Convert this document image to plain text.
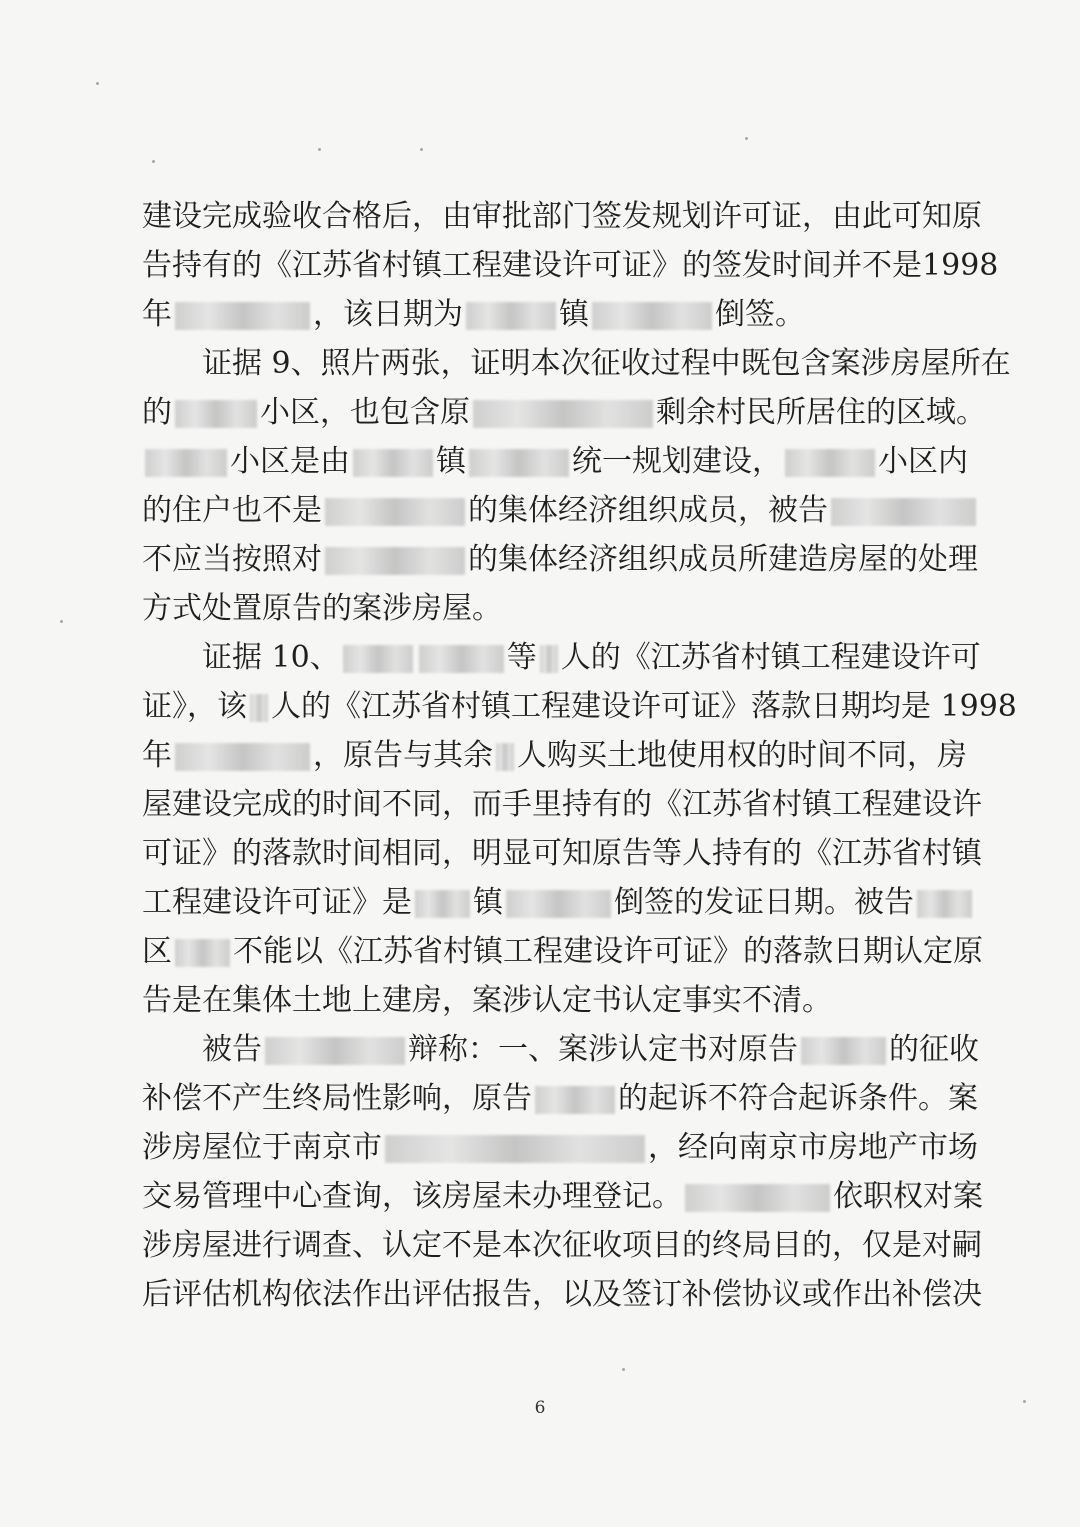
建 设 完 成 验 收 合 格 后 ， 由 审 批 部 门 签 发 规 划 许 可 证 ， 由 此 可 知 原
告 持 有 的 《 江 苏 省 村 镇 工 程 建 设 许 可 证 》 的 签 发 时 间 并 不 是 1 9 9 8
年	，该日期为	镇	倒签。
证据 9、照片两张，证明本次征收过程中既包含案涉房屋所在
的	小区，也包含原	剩余村民所居住的区域。
小区是由	镇	统一规划建设，	小区内
的住户也不是	的集体经济组织成员，被告
不应当按照对	的集体经济组织成员所建造房屋的处理
方式处置原告的案涉房屋。
证据 10、	等 人的《江苏省村镇工程建设许可
证》，该 人的《江苏省村镇工程建设许可证》落款日期均是 1998
年	，原告与其余 人购买土地使用权的时间不同，房
屋 建 设 完 成 的 时 间 不 同 ， 而 手 里 持 有 的 《 江 苏 省 村 镇 工 程 建 设 许
可 证 》 的 落 款 时 间 相 同 ， 明 显 可 知 原 告 等 人 持 有 的 《 江 苏 省 村 镇
工程建设许可证》是 镇	倒签的发证日期。被告
区 不能以《江苏省村镇工程建设许可证》的落款日期认定原
告是在集体土地上建房，案涉认定书认定事实不清。
被告	辩称：一、案涉认定书对原告	的征收
补偿不产生终局性影响，原告	的起诉不符合起诉条件。案
涉房屋位于南京市	，经向南京市房地产市场
交易管理中心查询，该房屋未办理登记。	依职权对案
涉 房 屋 进 行 调 查 、 认 定 不 是 本 次 征 收 项 目 的 终 局 目 的 ， 仅 是 对 嗣
后 评 估 机 构 依 法 作 出 评 估 报 告 ， 以 及 签 订 补 偿 协 议 或 作 出 补 偿 决
6
